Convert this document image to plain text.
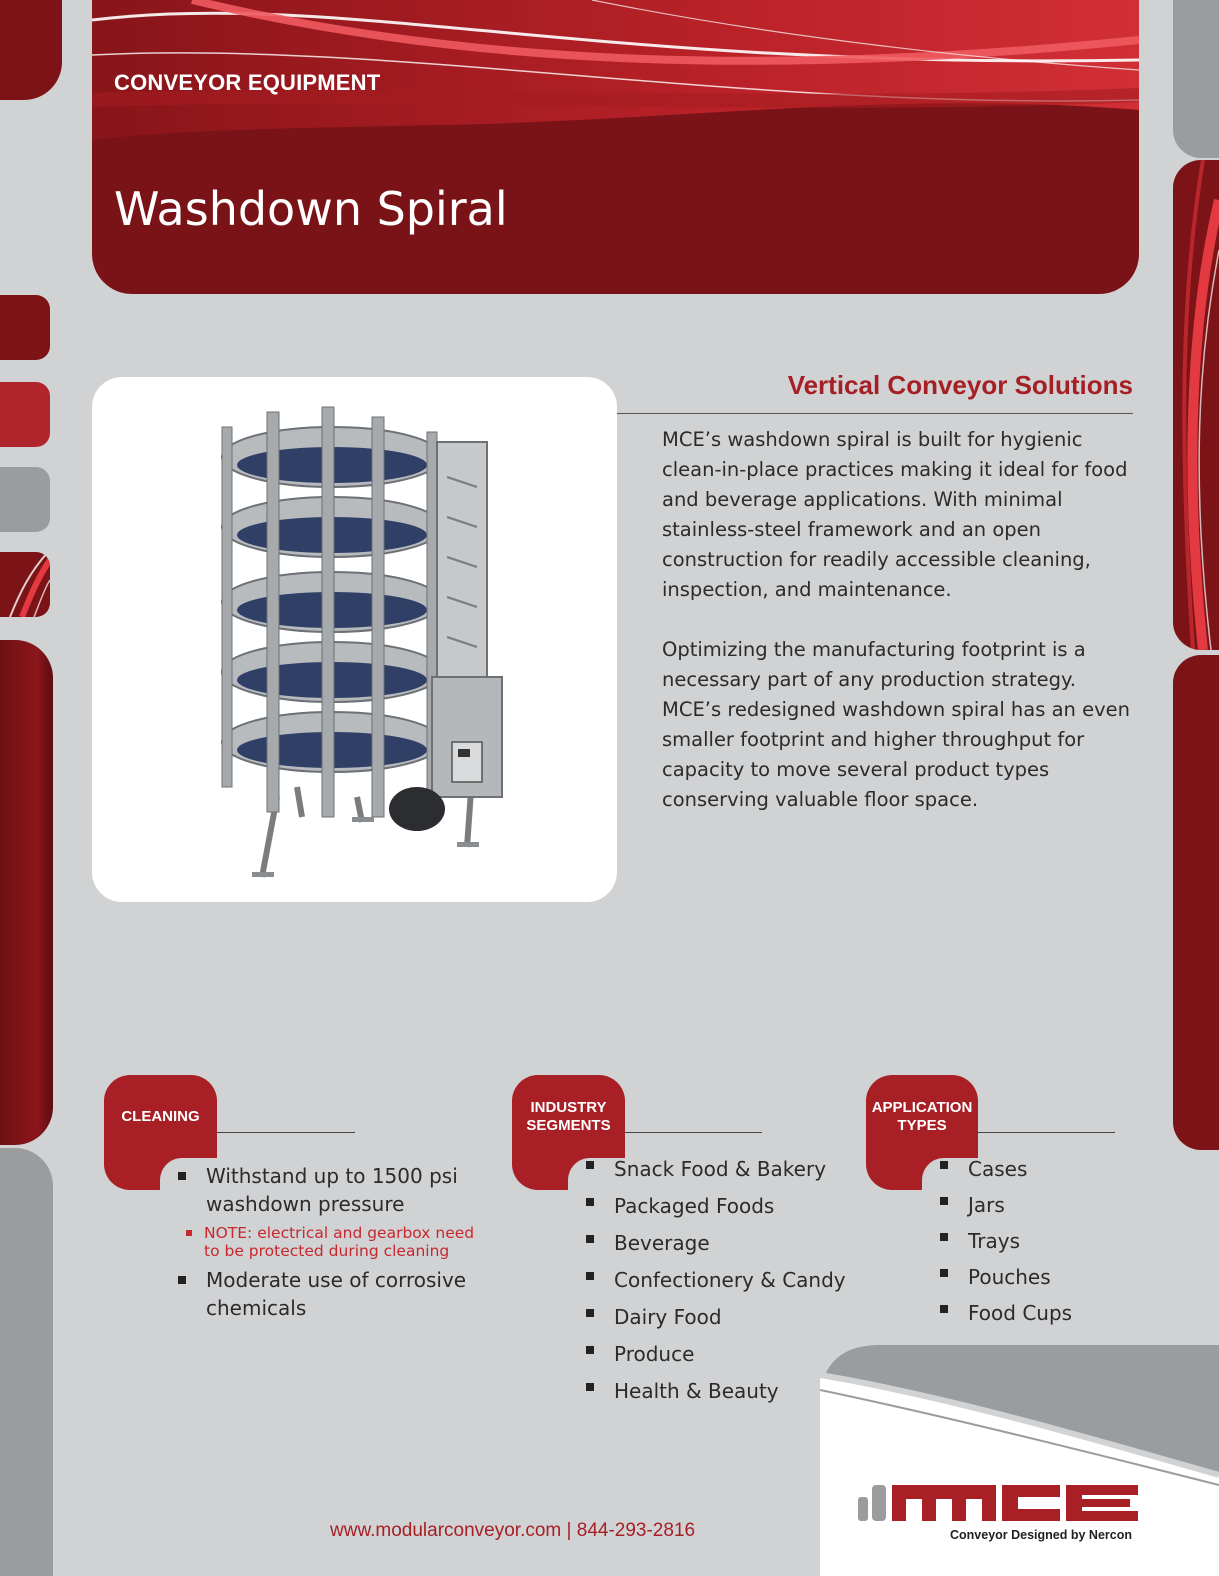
CONVEYOR EQUIPMENT
Washdown Spiral
Vertical Conveyor Solutions

MCE’s washdown spiral is built for hygienic clean-in-place practices making it ideal for food and beverage applications. With minimal stainless-steel framework and an open construction for readily accessible cleaning, inspection, and maintenance.

Optimizing the manufacturing footprint is a necessary part of any production strategy. MCE’s redesigned washdown spiral has an even smaller footprint and higher throughput for capacity to move several product types conserving valuable floor space.

CLEANING
Withstand up to 1500 psi washdown pressure
NOTE: electrical and gearbox need to be protected during cleaning
Moderate use of corrosive chemicals
INDUSTRY
SEGMENTS
Snack Food & Bakery
Packaged Foods
Beverage
Confectionery & Candy
Dairy Food
Produce
Health & Beauty
APPLICATION
TYPES
Cases
Jars
Trays
Pouches
Food Cups
www.modularconveyor.com | 844-293-2816
MCE
Conveyor Designed by Nercon
